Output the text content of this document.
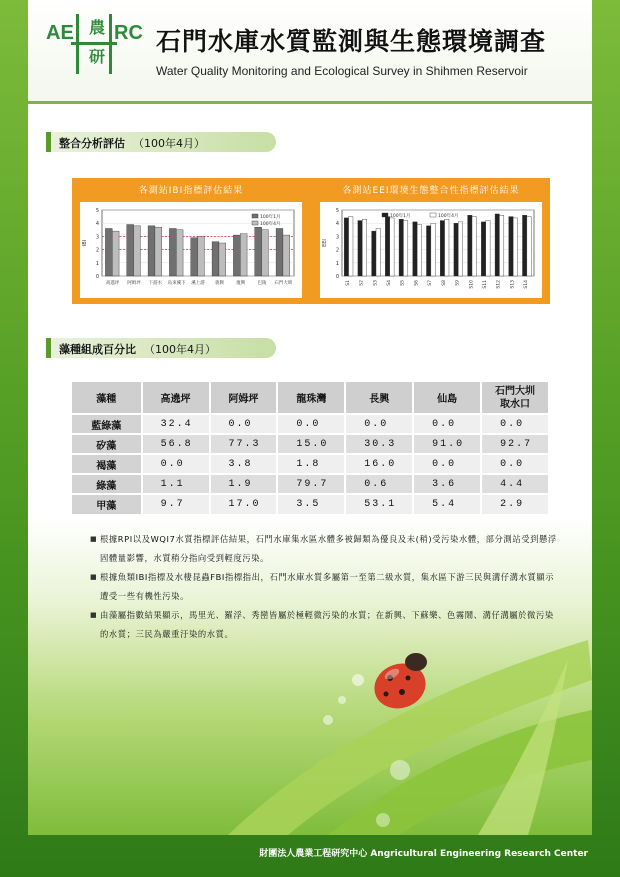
AE 農
研
RC 石門水庫水質監測與生態環境調查
Water Quality Monitoring and Ecological Survey in Shihmen Reservoir
整合分析評估 （100年4月）
各測站IBI指標評估結果
0
1
2
3
4
5
高遶坪 阿姆坪 下游水 烏來溪下 溪上游 義興	復興	巴陵 石門大圳
100年1月
100年4月
IBI
各測站EEI環境生態整合性指標評估結果
0
1
2
3
4
5
S1 S2 S3 S4 S5 S6 S7 S8 S9 S10 S11 S12 S13 S14
100年1月	100年4月
EEI
藻種組成百分比 （100年4月）
藻種	高遶坪	阿姆坪	龍珠灣	長興	仙島	石門大圳
取水口
藍綠藻	32.4	0.0	0.0	0.0	0.0	0.0
矽藻	56.8	77.3	15.0	30.3	91.0	92.7
褐藻	0.0	3.8	1.8	16.0	0.0	0.0
綠藻	1.1	1.9	79.7	0.6	3.6	4.4
甲藻	9.7	17.0	3.5	53.1	5.4	2.9
■ 根據RPI以及WQI7水質指標評估結果，石門水庫集水區水體多被歸類為優良及未(稍)受污染水體，部分測站受到懸浮固體量影響，水質稍分指向受到輕度污染。
■ 根據魚類IBI指標及水棲昆蟲FBI指標指出，石門水庫水質多屬第一至第二級水質，集水區下游三民與溝仔溝水質顯示遭受一些有機性污染。
■ 由藻屬指數結果顯示，馬里光、羅浮、秀巒皆屬於極輕微污染的水質；在新興、下蘇樂、色霧鬧、溝仔溝屬於微污染的水質；三民為嚴重汙染的水質。
財團法人農業工程研究中心 Angricultural Engineering Research Center
